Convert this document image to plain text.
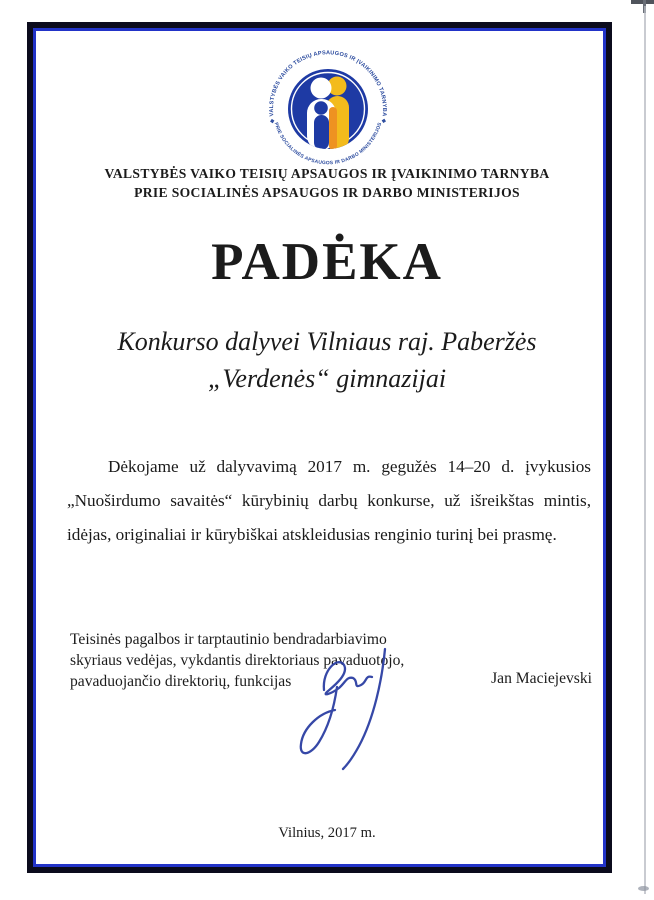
❖ VALSTYBĖS VAIKO TEISIŲ APSAUGOS IR ĮVAIKINIMO TARNYBA ❖
PRIE SOCIALINĖS APSAUGOS IR DARBO MINISTERIJOS
VALSTYBĖS VAIKO TEISIŲ APSAUGOS IR ĮVAIKINIMO TARNYBA
PRIE SOCIALINĖS APSAUGOS IR DARBO MINISTERIJOS
PADĖKA
Konkurso dalyvei Vilniaus raj. Paberžės
„Verdenės“ gimnazijai
Dėkojame už dalyvavimą 2017 m. gegužės 14–20 d. įvykusios
„Nuoširdumo savaitės“ kūrybinių darbų konkurse, už išreikštas mintis,
idėjas, originaliai ir kūrybiškai atskleidusias renginio turinį bei prasmę.
Teisinės pagalbos ir tarptautinio bendradarbiavimo
skyriaus vedėjas, vykdantis direktoriaus pavaduotojo,
pavaduojančio direktorių, funkcijas	Jan Maciejevski
Vilnius, 2017 m.
